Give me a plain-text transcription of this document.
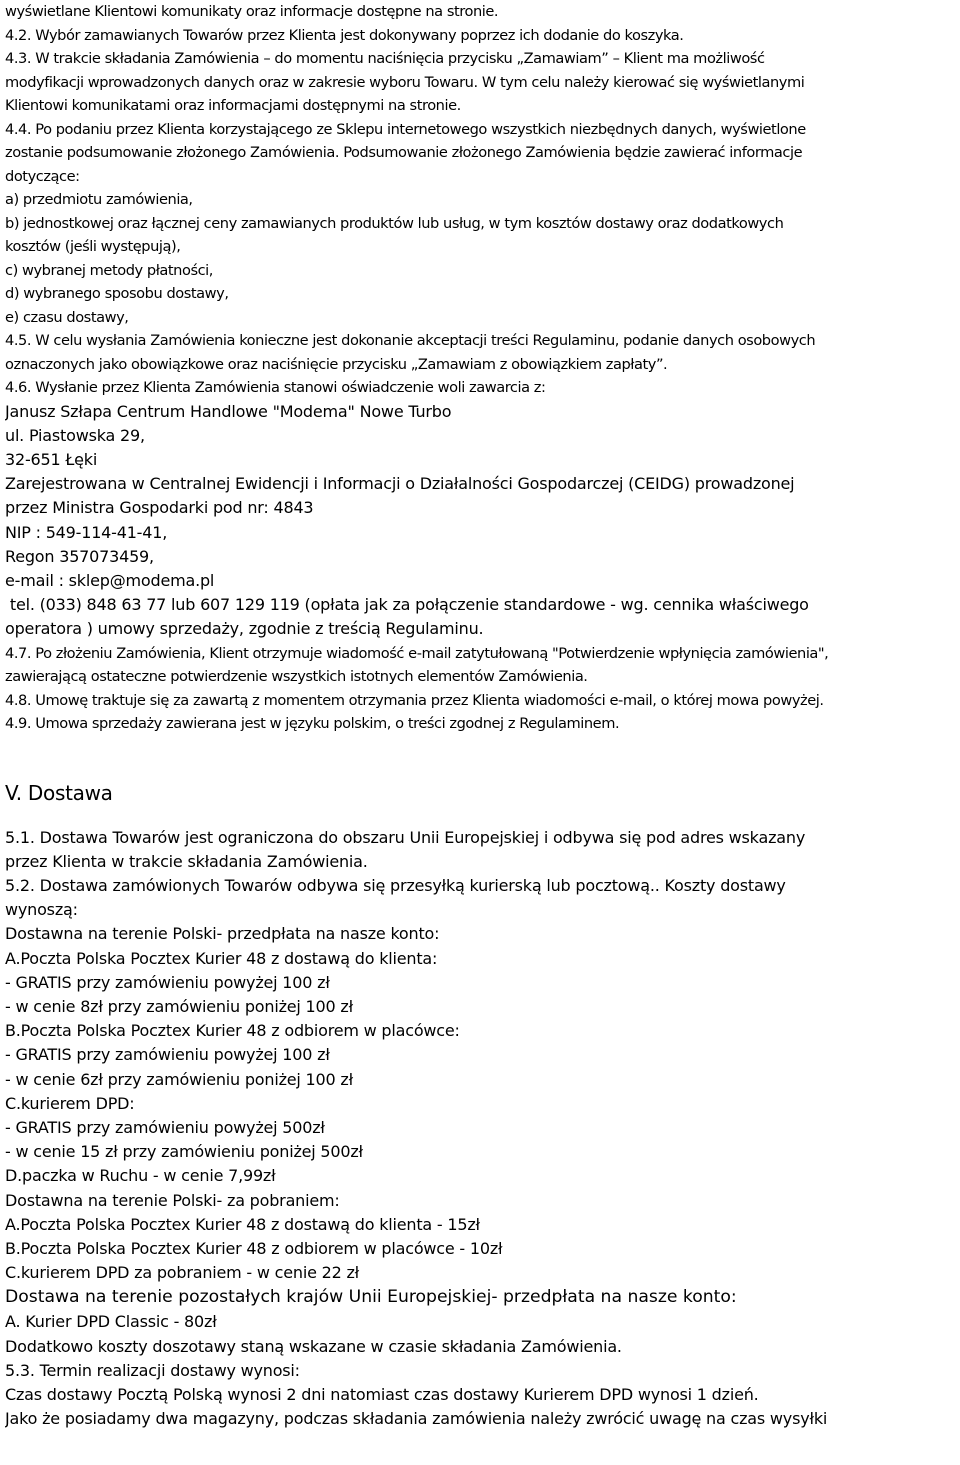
wyświetlane Klientowi komunikaty oraz informacje dostępne na stronie.
4.2. Wybór zamawianych Towarów przez Klienta jest dokonywany poprzez ich dodanie do koszyka.
4.3. W trakcie składania Zamówienia – do momentu naciśnięcia przycisku „Zamawiam” – Klient ma możliwość
modyfikacji wprowadzonych danych oraz w zakresie wyboru Towaru. W tym celu należy kierować się wyświetlanymi
Klientowi komunikatami oraz informacjami dostępnymi na stronie.
4.4. Po podaniu przez Klienta korzystającego ze Sklepu internetowego wszystkich niezbędnych danych, wyświetlone
zostanie podsumowanie złożonego Zamówienia. Podsumowanie złożonego Zamówienia będzie zawierać informacje
dotyczące:
a) przedmiotu zamówienia,
b) jednostkowej oraz łącznej ceny zamawianych produktów lub usług, w tym kosztów dostawy oraz dodatkowych
kosztów (jeśli występują),
c) wybranej metody płatności,
d) wybranego sposobu dostawy,
e) czasu dostawy,
4.5. W celu wysłania Zamówienia konieczne jest dokonanie akceptacji treści Regulaminu, podanie danych osobowych
oznaczonych jako obowiązkowe oraz naciśnięcie przycisku „Zamawiam z obowiązkiem zapłaty”.
4.6. Wysłanie przez Klienta Zamówienia stanowi oświadczenie woli zawarcia z:
Janusz Szłapa Centrum Handlowe "Modema" Nowe Turbo
ul. Piastowska 29,
32-651 Łęki
Zarejestrowana w Centralnej Ewidencji i Informacji o Działalności Gospodarczej (CEIDG) prowadzonej
przez Ministra Gospodarki pod nr: 4843
NIP : 549-114-41-41,
Regon 357073459,
e-mail : sklep@modema.pl
tel. (033) 848 63 77 lub 607 129 119 (opłata jak za połączenie standardowe - wg. cennika właściwego
operatora ) umowy sprzedaży, zgodnie z treścią Regulaminu.
4.7. Po złożeniu Zamówienia, Klient otrzymuje wiadomość e-mail zatytułowaną "Potwierdzenie wpłynięcia zamówienia",
zawierającą ostateczne potwierdzenie wszystkich istotnych elementów Zamówienia.
4.8. Umowę traktuje się za zawartą z momentem otrzymania przez Klienta wiadomości e-mail, o której mowa powyżej.
4.9. Umowa sprzedaży zawierana jest w języku polskim, o treści zgodnej z Regulaminem.
V. Dostawa
5.1. Dostawa Towarów jest ograniczona do obszaru Unii Europejskiej i odbywa się pod adres wskazany
przez Klienta w trakcie składania Zamówienia.
5.2. Dostawa zamówionych Towarów odbywa się przesyłką kurierską lub pocztową.. Koszty dostawy
wynoszą:
Dostawna na terenie Polski- przedpłata na nasze konto:
A.Poczta Polska Pocztex Kurier 48 z dostawą do klienta:
- GRATIS przy zamówieniu powyżej 100 zł
- w cenie 8zł przy zamówieniu poniżej 100 zł
B.Poczta Polska Pocztex Kurier 48 z odbiorem w placówce:
- GRATIS przy zamówieniu powyżej 100 zł
- w cenie 6zł przy zamówieniu poniżej 100 zł
C.kurierem DPD:
- GRATIS przy zamówieniu powyżej 500zł
- w cenie 15 zł przy zamówieniu poniżej 500zł
D.paczka w Ruchu - w cenie 7,99zł
Dostawna na terenie Polski- za pobraniem:
A.Poczta Polska Pocztex Kurier 48 z dostawą do klienta - 15zł
B.Poczta Polska Pocztex Kurier 48 z odbiorem w placówce - 10zł
C.kurierem DPD za pobraniem - w cenie 22 zł
Dostawa na terenie pozostałych krajów Unii Europejskiej- przedpłata na nasze konto:
A. Kurier DPD Classic - 80zł
Dodatkowo koszty doszotawy staną wskazane w czasie składania Zamówienia.
5.3. Termin realizacji dostawy wynosi:
Czas dostawy Pocztą Polską wynosi 2 dni natomiast czas dostawy Kurierem DPD wynosi 1 dzień.
Jako że posiadamy dwa magazyny, podczas składania zamówienia należy zwrócić uwagę na czas wysyłki
